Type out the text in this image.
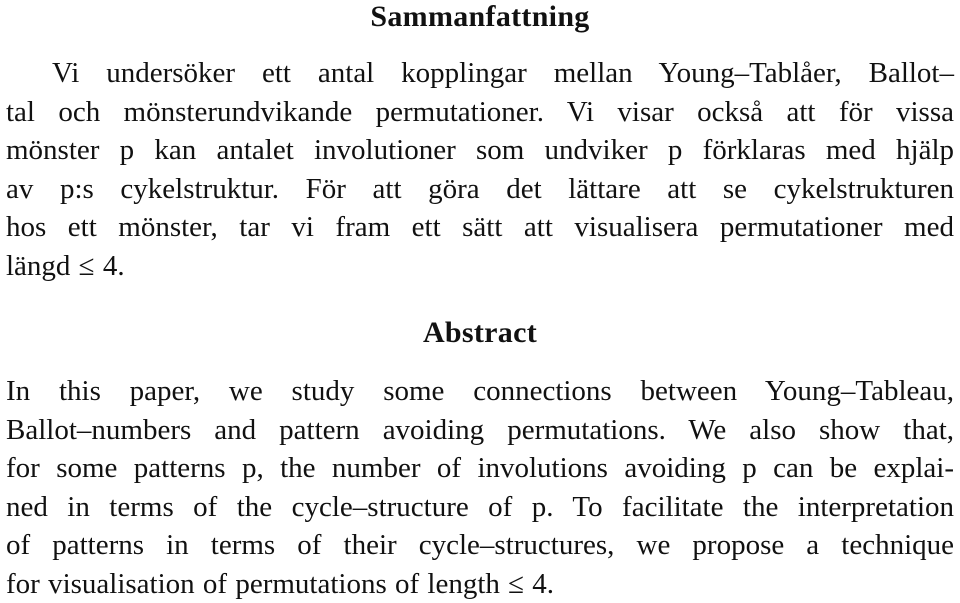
Sammanfattning
Vi undersöker ett antal kopplingar mellan Young–Tablåer, Ballot–
tal och mönsterundvikande permutationer. Vi visar också att för vissa
mönster p kan antalet involutioner som undviker p förklaras med hjälp
av p:s cykelstruktur. För att göra det lättare att se cykelstrukturen
hos ett mönster, tar vi fram ett sätt att visualisera permutationer med
längd ≤ 4.
Abstract
In this paper, we study some connections between Young–Tableau,
Ballot–numbers and pattern avoiding permutations. We also show that,
for some patterns p, the number of involutions avoiding p can be explai-
ned in terms of the cycle–structure of p. To facilitate the interpretation
of patterns in terms of their cycle–structures, we propose a technique
for visualisation of permutations of length ≤ 4.
